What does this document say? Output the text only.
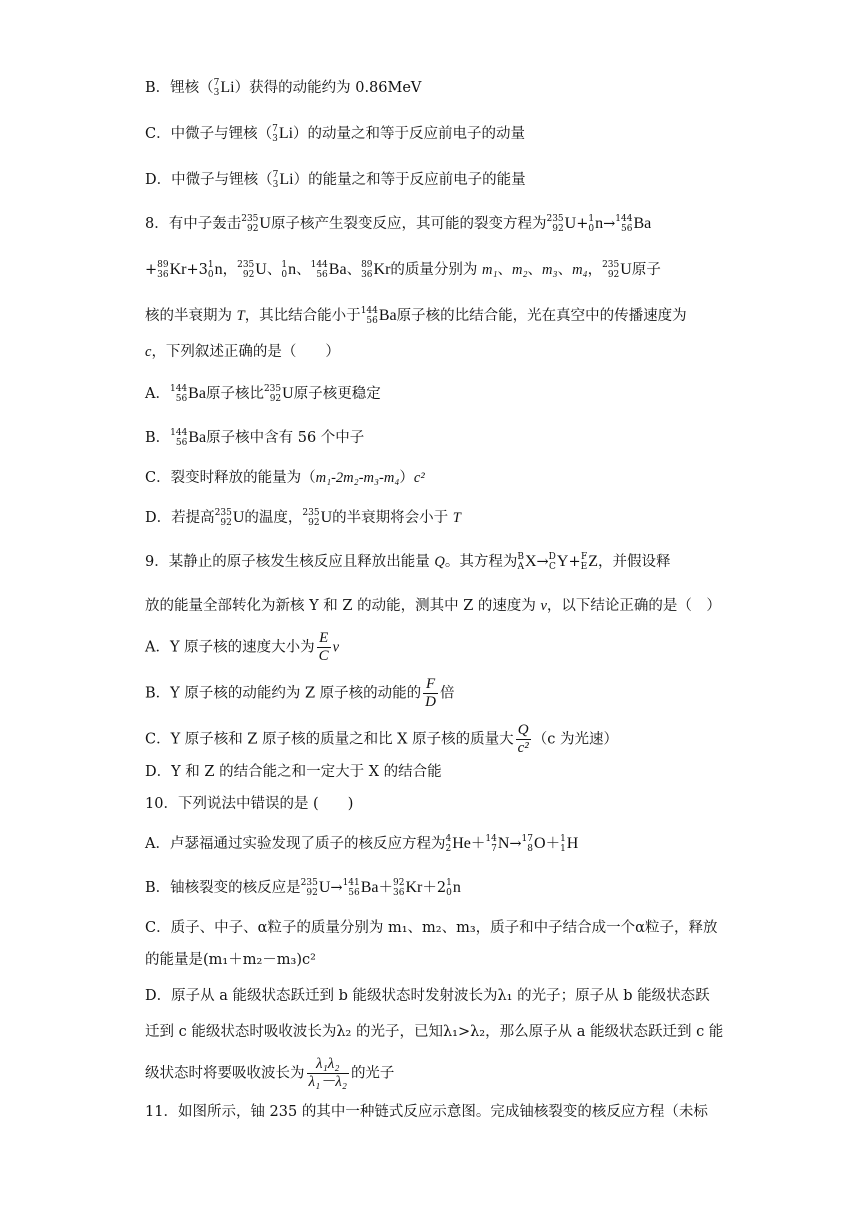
B．锂核（ 7
3 Li）获得的动能约为 0.86MeV
C．中微子与锂核（ 7
3 Li）的动量之和等于反应前电子的动量
D．中微子与锂核（ 7
3 Li）的能量之和等于反应前电子的能量
8．有中子轰击 235
92 U原子核产生裂变反应，其可能的裂变方程为 235
92 U+ 1
0 n→ 144
56 Ba
+ 89
36 Kr+3 1
0 n， 235
92 U、 1
0 n、 144
56 Ba、 89
36 Kr的质量分别为 m₁、m₂、m₃、m₄， 235
92 U原子
核的半衰期为 T，其比结合能小于 144
56 Ba原子核的比结合能，光在真空中的传播速度为
c，下列叙述正确的是（　　）
A． 144
56 Ba原子核比 235
92 U原子核更稳定
B． 144
56 Ba原子核中含有 56 个中子
C．裂变时释放的能量为（m₁-2m₂-m₃-m₄）c²
D．若提高 235
92 U的温度， 235
92 U的半衰期将会小于 T
9．某静止的原子核发生核反应且释放出能量 Q。其方程为 B
A X→ D
C Y+ F
E Z，并假设释
放的能量全部转化为新核 Y 和 Z 的动能，测其中 Z 的速度为 v，以下结论正确的是（　）
A．Y 原子核的速度大小为 $\frac{E}{C}$ v
B．Y 原子核的动能约为 Z 原子核的动能的 $\frac{F}{D}$ 倍
C．Y 原子核和 Z 原子核的质量之和比 X 原子核的质量大 $\frac{Q}{\text{c²}} (c$ 为光速）
D．Y 和 Z 的结合能之和一定大于 X 的结合能
10．下列说法中错误的是 (　　)
A．卢瑟福通过实验发现了质子的核反应方程为 4
2 He＋ 14
7 N→ 17
8 O＋ 1
1 H
B．铀核裂变的核反应是 235
92 U→ 141
56 Ba＋ 92
36 Kr＋2 1
0 n
C．质子、中子、α粒子的质量分别为 m₁、m₂、m₃，质子和中子结合成一个α粒子，释放
的能量是(m₁＋m₂－m₃)c²
D．原子从 a 能级状态跃迁到 b 能级状态时发射波长为λ₁ 的光子；原子从 b 能级状态跃
迁到 c 能级状态时吸收波长为λ₂ 的光子，已知λ₁>λ₂，那么原子从 a 能级状态跃迁到 c 能
级状态时将要吸收波长为 $\frac{\text{λ₁λ₂}}{\text{λ₁－λ₂}}$ 的光子
11．如图所示，铀 235 的其中一种链式反应示意图。完成铀核裂变的核反应方程（未标
